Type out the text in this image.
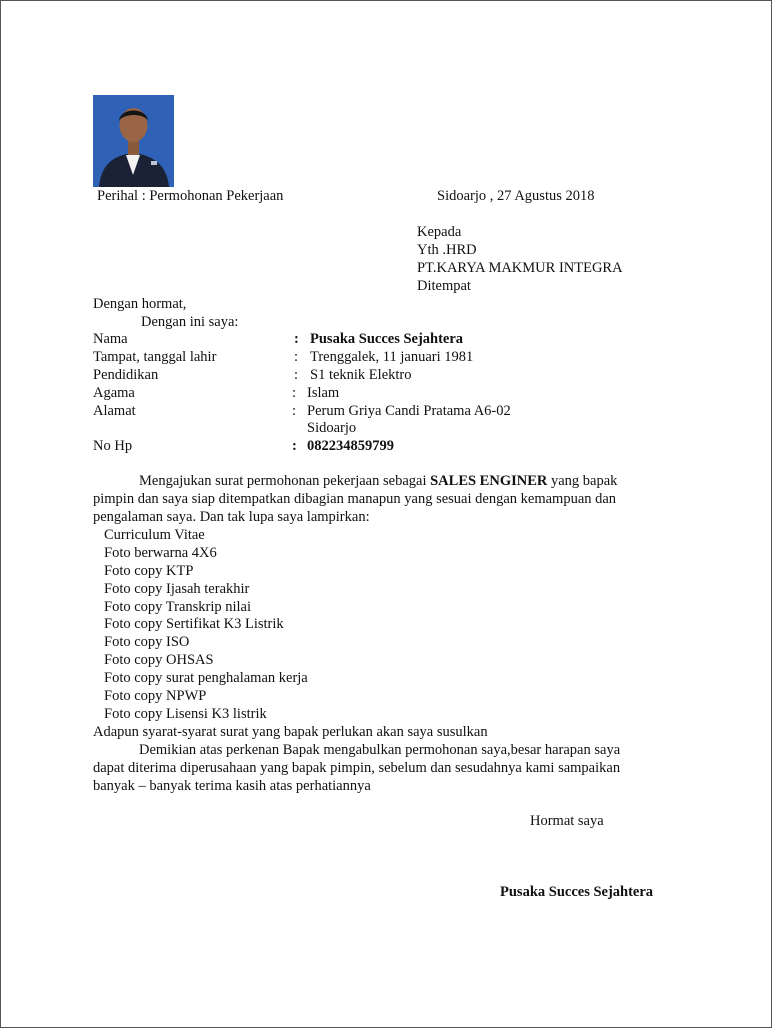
Perihal : Permohonan Pekerjaan	Sidoarjo , 27 Agustus 2018
Kepada
Yth .HRD
PT.KARYA MAKMUR INTEGRA
Ditempat
Dengan hormat,
Dengan ini saya:
Nama	: Pusaka Succes Sejahtera
Tampat, tanggal lahir	: Trenggalek, 11 januari 1981
Pendidikan	: S1 teknik Elektro
Agama	: Islam
Alamat	: Perum Griya Candi Pratama A6-02
Sidoarjo
No Hp	: 082234859799
Mengajukan surat permohonan pekerjaan sebagai SALES ENGINER yang bapak pimpin dan saya siap ditempatkan dibagian manapun yang sesuai dengan kemampuan dan pengalaman saya. Dan tak lupa saya lampirkan:
Curriculum Vitae
Foto berwarna 4X6
Foto copy KTP
Foto copy Ijasah terakhir
Foto copy Transkrip nilai
Foto copy Sertifikat K3 Listrik
Foto copy ISO
Foto copy OHSAS
Foto copy surat penghalaman kerja
Foto copy NPWP
Foto copy Lisensi K3 listrik
Adapun syarat-syarat surat yang bapak perlukan akan saya susulkan
Demikian atas perkenan Bapak mengabulkan permohonan saya,besar harapan saya dapat diterima diperusahaan yang bapak pimpin, sebelum dan sesudahnya kami sampaikan banyak – banyak terima kasih atas perhatiannya
Hormat saya
Pusaka Succes Sejahtera
